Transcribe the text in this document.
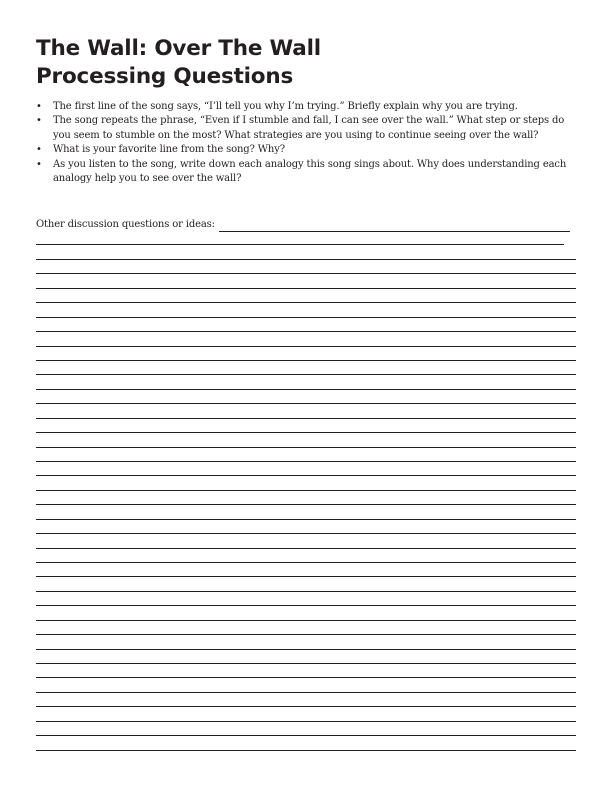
The Wall: Over The Wall
Processing Questions
• The first line of the song says, “I’ll tell you why I’m trying.” Briefly explain why you are trying.
• The song repeats the phrase, “Even if I stumble and fall, I can see over the wall.” What step or steps do you seem to stumble on the most? What strategies are you using to continue seeing over the wall?
• What is your favorite line from the song? Why?
• As you listen to the song, write down each analogy this song sings about. Why does understanding each analogy help you to see over the wall?
Other discussion questions or ideas:
